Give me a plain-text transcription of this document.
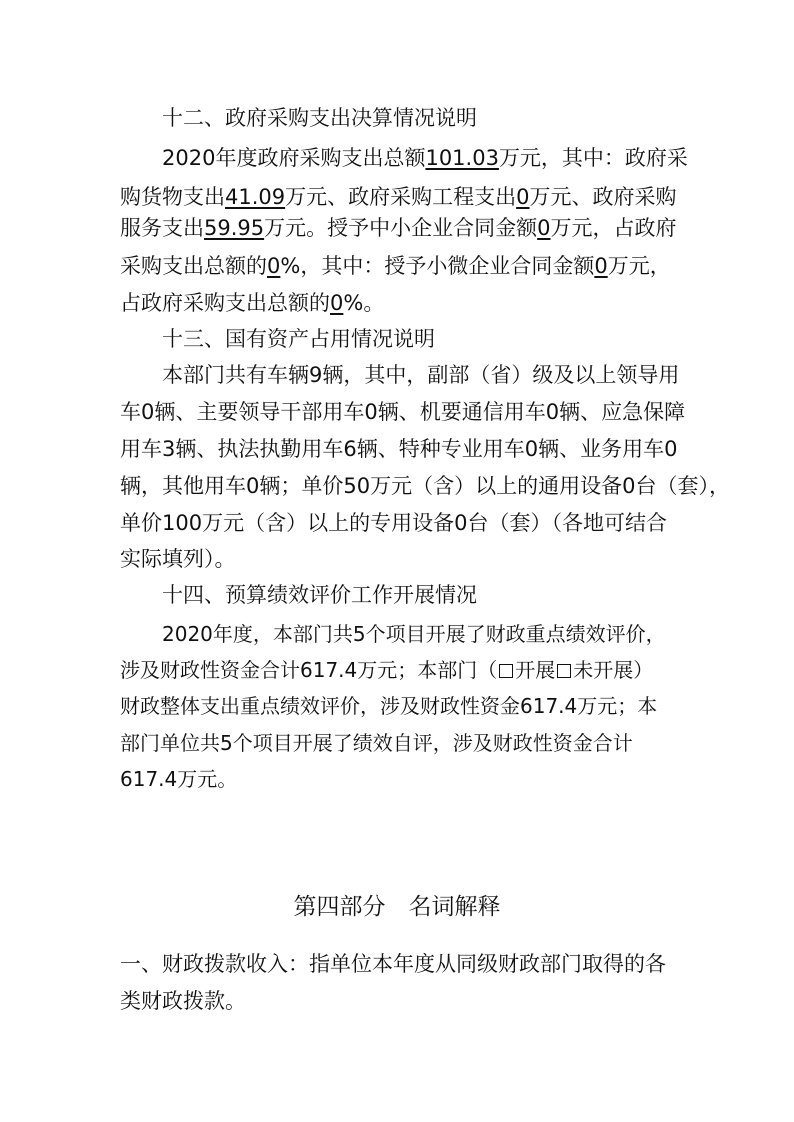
十二、政府采购支出决算情况说明
2020年度政府采购支出总额101.03万元，其中：政府采
购货物支出41.09万元、政府采购工程支出0万元、政府采购
服务支出59.95万元。授予中小企业合同金额0万元，占政府
采购支出总额的0%，其中：授予小微企业合同金额0万元，
占政府采购支出总额的0%。
十三、国有资产占用情况说明
本部门共有车辆9辆，其中，副部（省）级及以上领导用
车0辆、主要领导干部用车0辆、机要通信用车0辆、应急保障
用车3辆、执法执勤用车6辆、特种专业用车0辆、业务用车0
辆，其他用车0辆；单价50万元（含）以上的通用设备0台（套），
单价100万元（含）以上的专用设备0台（套）（各地可结合
实际填列）。
十四、预算绩效评价工作开展情况
2020年度，本部门共5个项目开展了财政重点绩效评价，
涉及财政性资金合计617.4万元；本部门（ 开展 未开展）
财政整体支出重点绩效评价，涉及财政性资金617.4万元；本
部门单位共5个项目开展了绩效自评，涉及财政性资金合计
617.4万元。
第四部分　名词解释
一、财政拨款收入：指单位本年度从同级财政部门取得的各
类财政拨款。
